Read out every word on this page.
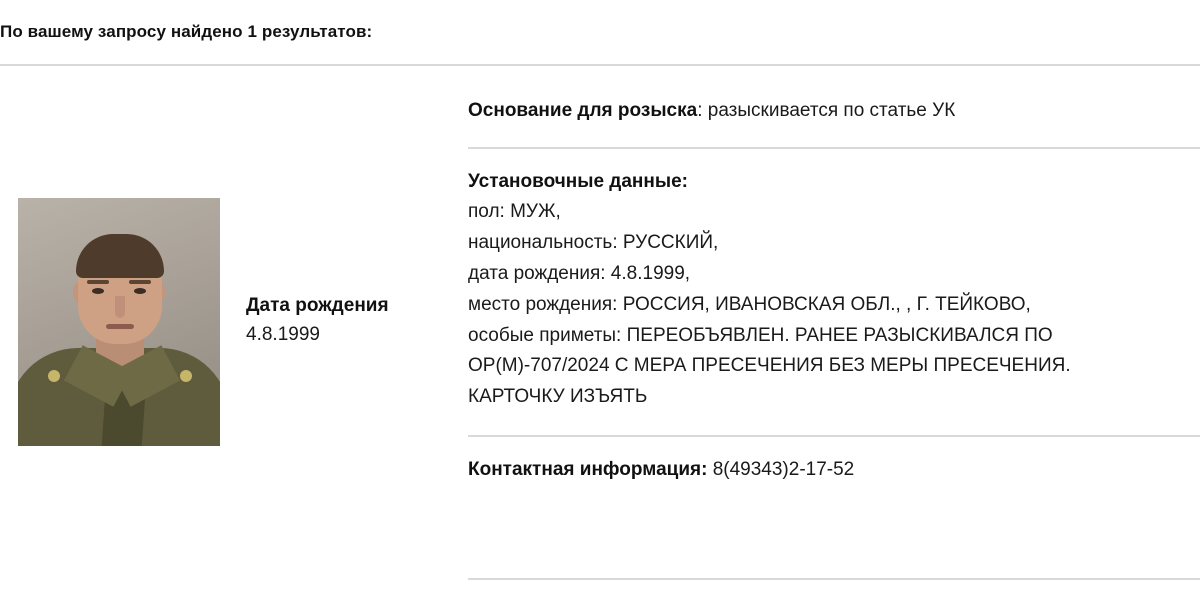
По вашему запросу найдено 1 результатов:
Дата рождения
4.8.1999
Основание для розыска: разыскивается по статье УК
Установочные данные:
пол: МУЖ,
национальность: РУССКИЙ,
дата рождения: 4.8.1999,
место рождения: РОССИЯ, ИВАНОВСКАЯ ОБЛ., , Г. ТЕЙКОВО,
особые приметы: ПЕРЕОБЪЯВЛЕН. РАНЕЕ РАЗЫСКИВАЛСЯ ПО
ОР(М)-707/2024 С МЕРА ПРЕСЕЧЕНИЯ БЕЗ МЕРЫ ПРЕСЕЧЕНИЯ.
КАРТОЧКУ ИЗЪЯТЬ
Контактная информация: 8(49343)2-17-52
